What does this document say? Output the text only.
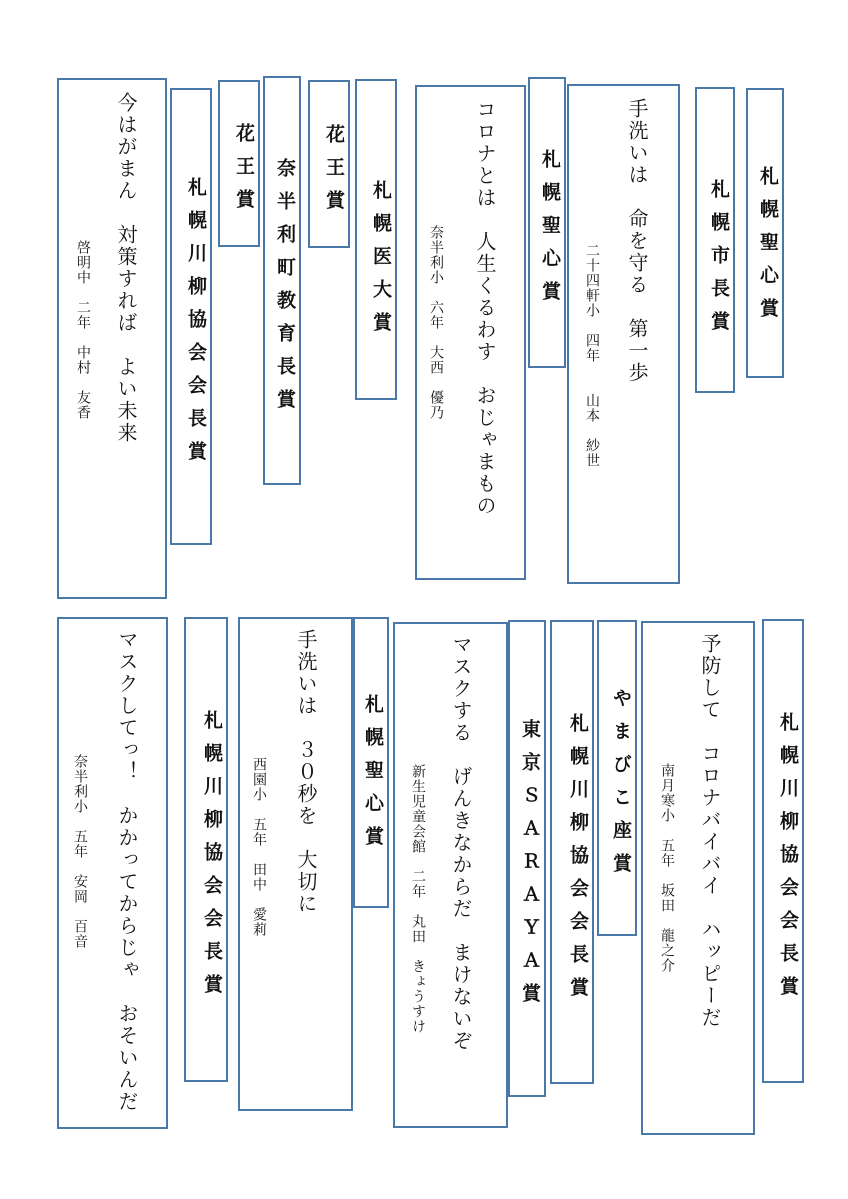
今はがまん　対策すれば　よい未来
啓明中　二年　中村　友香	札幌川柳協会会長賞
花王賞	奈半利町教育長賞	花王賞
札幌医大賞	コロナとは　人生くるわす　おじゃまもの
奈半利小　六年　大西　優乃	札幌聖心賞	手洗いは　命を守る　第一歩
二十四軒小　四年　　山本　紗世	札幌市長賞	札幌聖心賞
マスクしてっ！　かかってからじゃ　おそいんだ
奈半利小　五年　安岡　百音	札幌川柳協会会長賞	手洗いは　３０秒を　大切に
西園小　五年　田中　愛莉	札幌聖心賞	マスクする　げんきなからだ　まけないぞ
新生児童会館　二年　丸田　きょうすけ	東京ＳＡＲＡＹＡ賞	札幌川柳協会会長賞	やまびこ座賞	予防して　コロナバイバイ　ハッピーだ
南月寒小　五年　坂田　龍之介	札幌川柳協会会長賞
